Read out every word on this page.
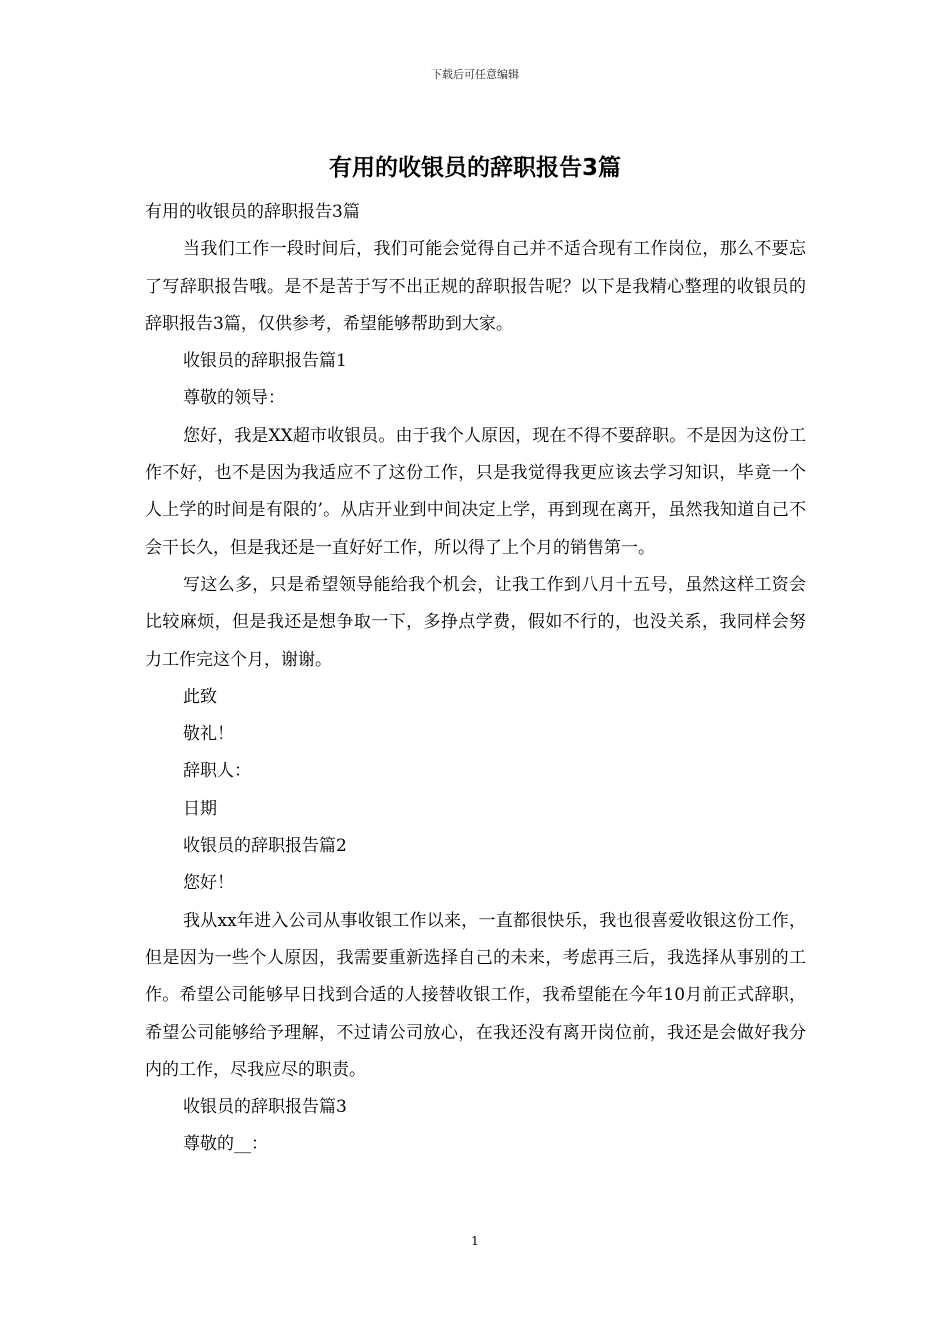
下载后可任意编辑
有用的收银员的辞职报告3篇

有用的收银员的辞职报告3篇

当我们工作一段时间后，我们可能会觉得自己并不适合现有工作岗位，那么不要忘了写辞职报告哦。是不是苦于写不出正规的辞职报告呢？以下是我精心整理的收银员的辞职报告3篇，仅供参考，希望能够帮助到大家。

收银员的辞职报告篇1

尊敬的领导：

您好，我是XX超市收银员。由于我个人原因，现在不得不要辞职。不是因为这份工作不好，也不是因为我适应不了这份工作，只是我觉得我更应该去学习知识，毕竟一个人上学的时间是有限的’。从店开业到中间决定上学，再到现在离开，虽然我知道自己不会干长久，但是我还是一直好好工作，所以得了上个月的销售第一。

写这么多，只是希望领导能给我个机会，让我工作到八月十五号，虽然这样工资会比较麻烦，但是我还是想争取一下，多挣点学费，假如不行的，也没关系，我同样会努力工作完这个月，谢谢。

此致

敬礼！

辞职人：

日期

收银员的辞职报告篇2

您好！

我从xx年进入公司从事收银工作以来，一直都很快乐，我也很喜爱收银这份工作，但是因为一些个人原因，我需要重新选择自己的未来，考虑再三后，我选择从事别的工作。希望公司能够早日找到合适的人接替收银工作，我希望能在今年10月前正式辞职，希望公司能够给予理解，不过请公司放心，在我还没有离开岗位前，我还是会做好我分内的工作，尽我应尽的职责。

收银员的辞职报告篇3

尊敬的__：

1
